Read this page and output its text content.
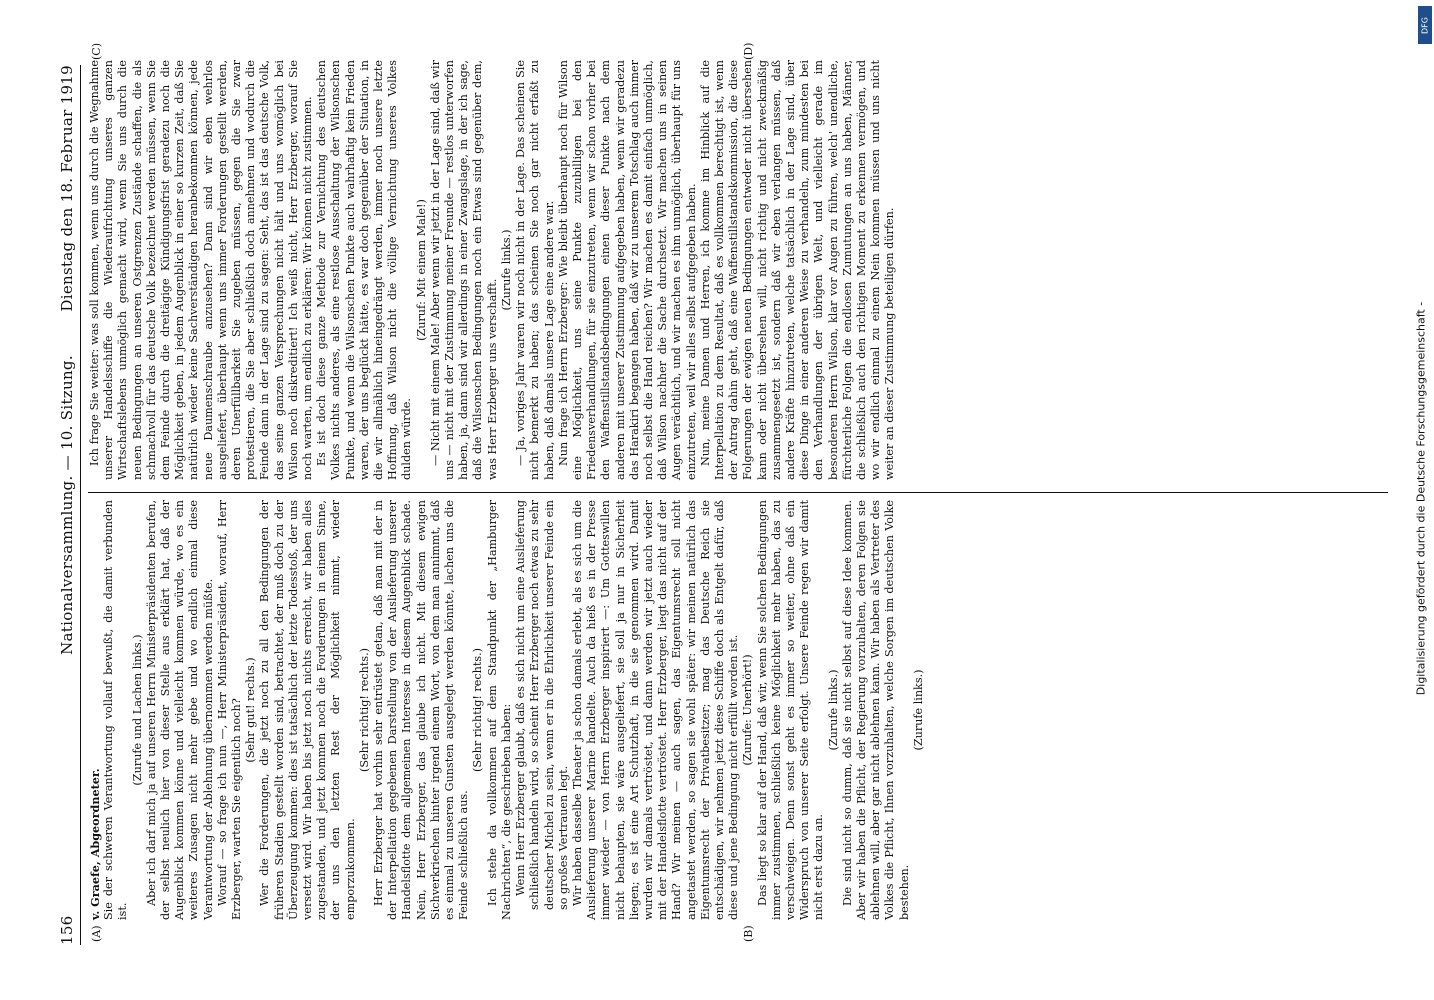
156
Nationalversammlung. — 10. Sitzung.
Dienstag den 18. Februar 1919
(A)	(B)
(C)	(D)

v. Graefe, Abgeordneter. Sie der schweren Verantwortung vollauf bewußt, die damit verbunden ist.

(Zurufe und Lachen links.) Aber ich darf mich ja auf unseren Herrn Ministerpräsidenten berufen, der selbst neulich hier von dieser Stelle aus erklärt hat, daß der Augenblick kommen könne und vielleicht kommen würde, wo es ein weiteres Zusagen nicht mehr gebe und wo endlich einmal diese Verantwortung der Ablehnung übernommen werden müßte. Worauf — so frage ich nun —, Herr Ministerpräsident, worauf, Herr Erzberger, warten Sie eigentlich noch? (Sehr gut! rechts.) Wer die Forderungen, die jetzt noch zu all den Bedingungen der früheren Stadien gestellt worden sind, betrachtet, der muß doch zu der Überzeugung kommen: dies ist tatsächlich der letzte Todesstoß, der uns versetzt wird. Wir haben bis jetzt noch nichts erreicht, wir haben alles zugestanden, und jetzt kommen noch die Forderungen in einem Sinne, der uns den letzten Rest der Möglichkeit nimmt, wieder emporzukommen.

(Sehr richtig! rechts.) Herr Erzberger hat vorhin sehr entrüstet getan, daß man mit der in der Interpellation gegebenen Darstellung von der Auslieferung unserer Handelsflotte dem allgemeinen Interesse in diesem Augenblick schade. Nein, Herr Erzberger, das glaube ich nicht. Mit diesem ewigen Sichverkriechen hinter irgend einem Wort, von dem man annimmt, daß es einmal zu unseren Gunsten ausgelegt werden könnte, lachen uns die Feinde schließlich aus.

(Sehr richtig! rechts.) Ich stehe da vollkommen auf dem Standpunkt der „Hamburger Nachrichten“, die geschrieben haben: Wenn Herr Erzberger glaubt, daß es sich nicht um eine Auslieferung schließlich handeln wird, so scheint Herr Erzberger noch etwas zu sehr deutscher Michel zu sein, wenn er in die Ehrlichkeit unserer Feinde ein so großes Vertrauen legt. Wir haben dasselbe Theater ja schon damals erlebt, als es sich um die Auslieferung unserer Marine handelte. Auch da hieß es in der Presse immer wieder — von Herrn Erzberger inspiriert —: Um Gotteswillen nicht behaupten, sie wäre ausgeliefert, sie soll ja nur in Sicherheit liegen; es ist eine Art Schutzhaft, in die sie genommen wird. Damit wurden wir damals vertröstet, und dann werden wir jetzt auch wieder mit der Handelsflotte vertröstet. Herr Erzberger, liegt das nicht auf der Hand? Wir meinen — auch sagen, das Eigentumsrecht soll nicht angetastet werden, so sagen sie wohl später: wir meinen natürlich das Eigentumsrecht der Privatbesitzer; mag das Deutsche Reich sie entschädigen, wir nehmen jetzt diese Schiffe doch als Entgelt dafür, daß diese und jene Bedingung nicht erfüllt worden ist. (Zurufe: Unerhört!) Das liegt so klar auf der Hand, daß wir, wenn Sie solchen Bedingungen immer zustimmen, schließlich keine Möglichkeit mehr haben, das zu verschweigen. Denn sonst geht es immer so weiter, ohne daß ein Widerspruch von unserer Seite erfolgt. Unsere Feinde regen wir damit nicht erst dazu an.

(Zurufe links.) Die sind nicht so dumm, daß sie nicht selbst auf diese Idee kommen. Aber wir haben die Pflicht, der Regierung vorzuhalten, deren Folgen sie ablehnen will, aber gar nicht ablehnen kann. Wir haben als Vertreter des Volkes die Pflicht, Ihnen vorzuhalten, welche Sorgen im deutschen Volke bestehen.

(Zurufe links.)

Ich frage Sie weiter: was soll kommen, wenn uns durch die Wegnahme unserer Handelsschiffe die Wiederaufrichtung unseres ganzen Wirtschaftslebens unmöglich gemacht wird, wenn Sie uns durch die neuen Bedingungen an unseren Ostgrenzen Zustände schaffen, die als schmachvoll für das deutsche Volk bezeichnet werden müssen, wenn Sie dem Feinde durch die dreitägige Kündigungsfrist geradezu noch die Möglichkeit geben, in jedem Augenblick in einer so kurzen Zeit, daß Sie natürlich wieder keine Sachverständigen heranbekommen können, jede neue Daumenschraube anzusehen? Dann sind wir eben wehrlos ausgeliefert, überhaupt wenn uns immer Forderungen gestellt werden, deren Unerfüllbarkeit Sie zugeben müssen, gegen die Sie zwar protestieren, die Sie aber schließlich doch annehmen und wodurch die Feinde dann in der Lage sind zu sagen: Seht, das ist das deutsche Volk, das seine ganzen Versprechungen nicht hält und uns womöglich bei Wilson noch diskreditiert! Ich weiß nicht, Herr Erzberger, worauf Sie noch warten, um endlich zu erklären: Wir können nicht zustimmen. Es ist doch diese ganze Methode zur Vernichtung des deutschen Volkes nichts anderes, als eine restlose Ausschaltung der Wilsonschen Punkte, und wenn die Wilsonschen Punkte auch wahrhaftig kein Frieden waren, der uns beglückt hätte, es war doch gegenüber der Situation, in die wir allmählich hineingedrängt werden, immer noch unsere letzte Hoffnung, daß Wilson nicht die völlige Vernichtung unseres Volkes dulden würde.

(Zuruf: Mit einem Male!) — Nicht mit einem Male! Aber wenn wir jetzt in der Lage sind, daß wir uns — nicht mit der Zustimmung meiner Freunde — restlos unterworfen haben, ja, dann sind wir allerdings in einer Zwangslage, in der ich sage, daß die Wilsonschen Bedingungen noch ein Etwas sind gegenüber dem, was Herr Erzberger uns verschafft.

(Zurufe links.) — Ja, voriges Jahr waren wir noch nicht in der Lage. Das scheinen Sie nicht bemerkt zu haben; das scheinen Sie noch gar nicht erfaßt zu haben, daß damals unsere Lage eine andere war. Nun frage ich Herrn Erzberger: Wie bleibt überhaupt noch für Wilson eine Möglichkeit, uns seine Punkte zuzubilligen bei den Friedensverhandlungen, für sie einzutreten, wenn wir schon vorher bei den Waffenstillstandsbedingungen einen dieser Punkte nach dem anderen mit unserer Zustimmung aufgegeben haben, wenn wir geradezu das Harakiri begangen haben, daß wir zu unserem Totschlag auch immer noch selbst die Hand reichen? Wir machen es damit einfach unmöglich, daß Wilson nachher die Sache durchsetzt. Wir machen uns in seinen Augen verächtlich, und wir machen es ihm unmöglich, überhaupt für uns einzutreten, weil wir alles selbst aufgegeben haben. Nun, meine Damen und Herren, ich komme im Hinblick auf die Interpellation zu dem Resultat, daß es vollkommen berechtigt ist, wenn der Antrag dahin geht, daß eine Waffenstillstandskommission, die diese Folgerungen der ewigen neuen Bedingungen entweder nicht übersehen kann oder nicht übersehen will, nicht richtig und nicht zweckmäßig zusammengesetzt ist, sondern daß wir eben verlangen müssen, daß andere Kräfte hinzutreten, welche tatsächlich in der Lage sind, über diese Dinge in einer anderen Weise zu verhandeln, zum mindesten bei den Verhandlungen der übrigen Welt, und vielleicht gerade im besonderen Herrn Wilson, klar vor Augen zu führen, welch' unendliche, fürchterliche Folgen die endlosen Zumutungen an uns haben, Männer, die schließlich auch den richtigen Moment zu erkennen vermögen, und wo wir endlich einmal zu einem Nein kommen müssen und uns nicht weiter an dieser Zustimmung beteiligen dürfen.	Digitalisierung gefördert durch die Deutsche Forschungsgemeinschaft -
DFG
